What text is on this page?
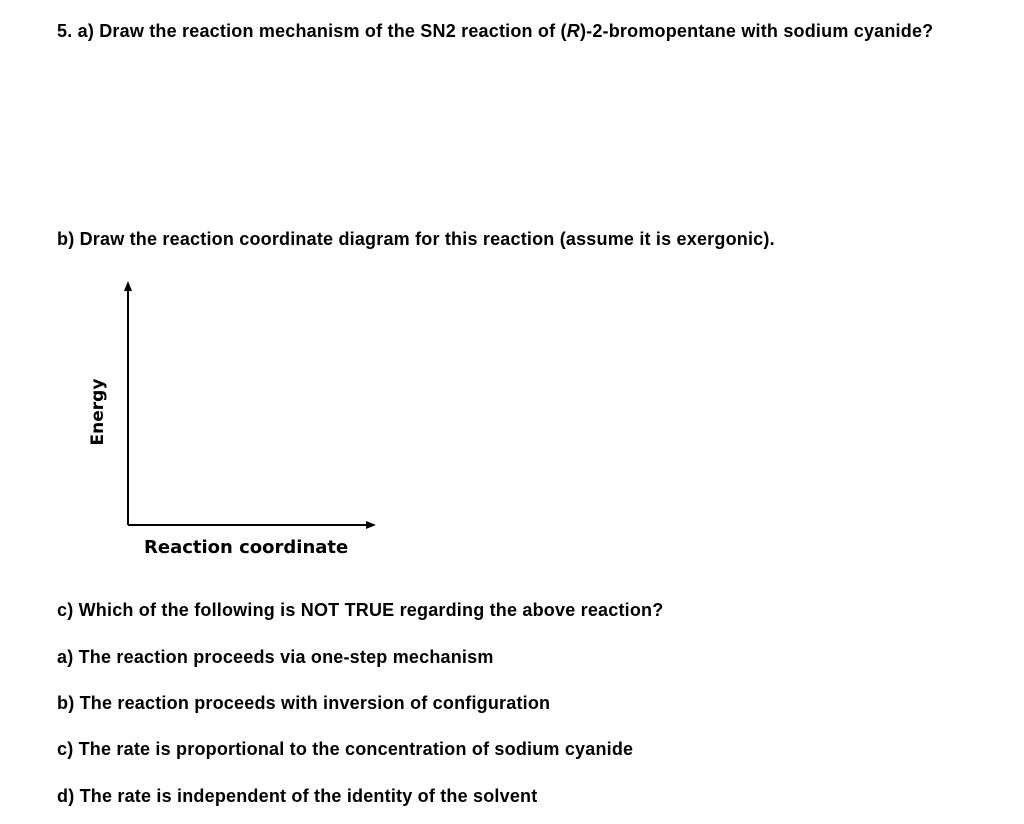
5. a) Draw the reaction mechanism of the SN2 reaction of (R)-2-bromopentane with sodium cyanide?
b) Draw the reaction coordinate diagram for this reaction (assume it is exergonic).
Energy
Reaction coordinate
c) Which of the following is NOT TRUE regarding the above reaction?
a) The reaction proceeds via one-step mechanism
b) The reaction proceeds with inversion of configuration
c) The rate is proportional to the concentration of sodium cyanide
d) The rate is independent of the identity of the solvent
